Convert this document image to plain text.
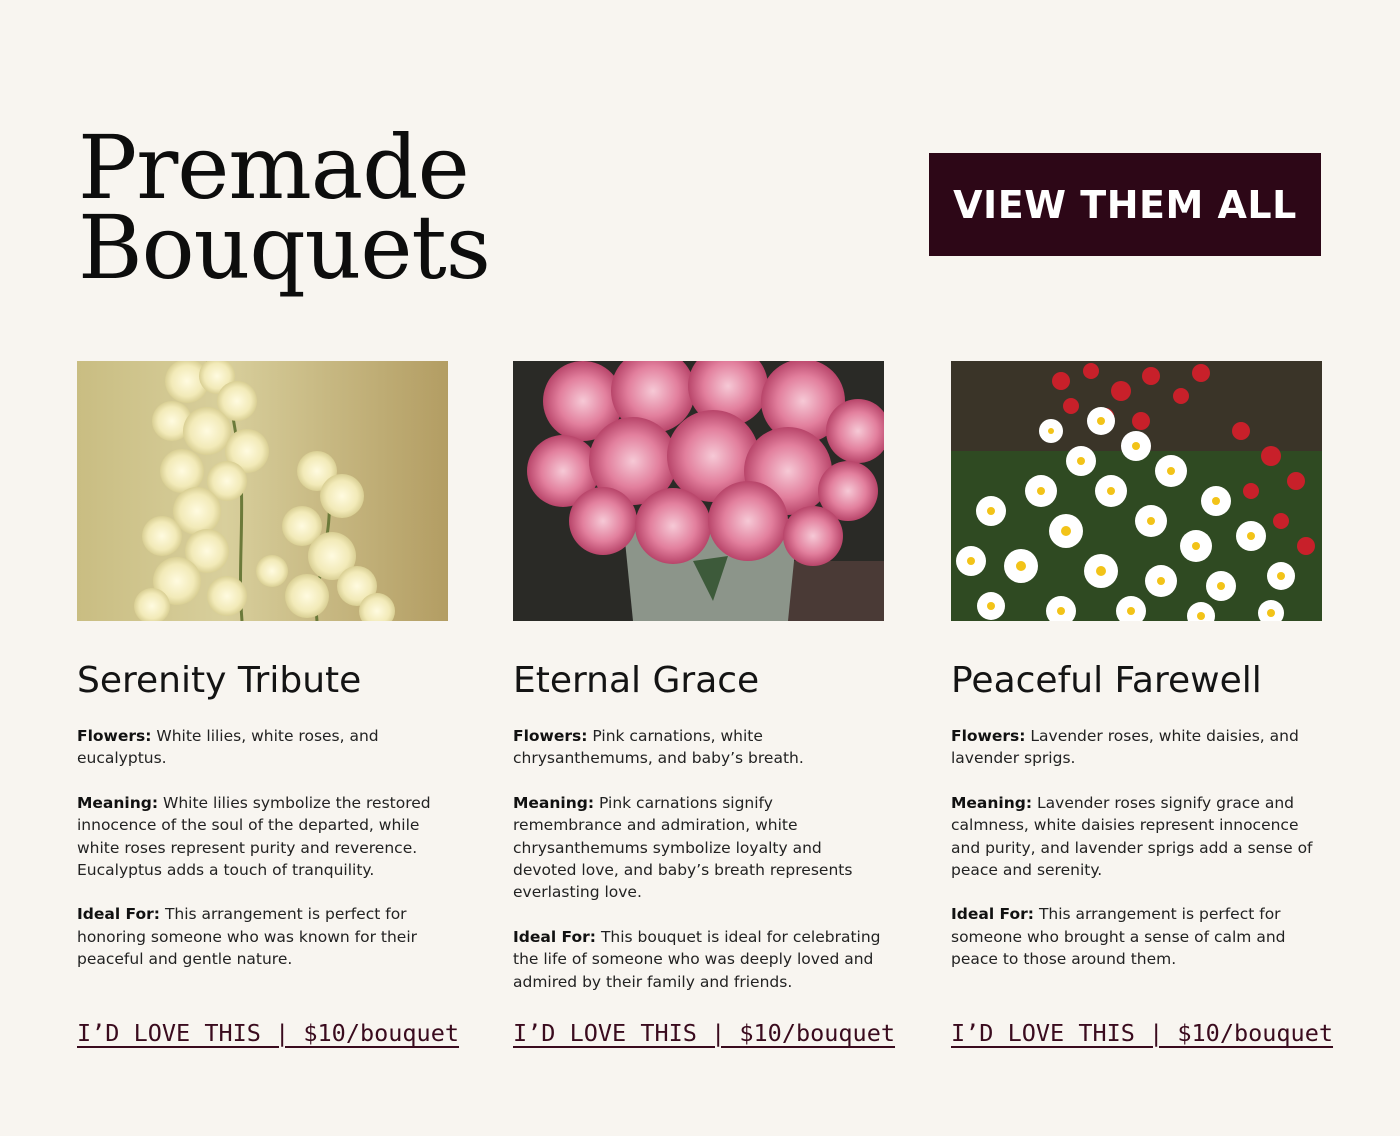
Premade
Bouquets	VIEW THEM ALL
Serenity Tribute

Flowers: White lilies, white roses, and eucalyptus.

Meaning: White lilies symbolize the restored innocence of the soul of the departed, while white roses represent purity and reverence. Eucalyptus adds a touch of tranquility.

Ideal For: This arrangement is perfect for honoring someone who was known for their peaceful and gentle nature.

I’D LOVE THIS | $10/bouquet
Eternal Grace

Flowers: Pink carnations, white chrysanthemums, and baby’s breath.

Meaning: Pink carnations signify remembrance and admiration, white chrysanthemums symbolize loyalty and devoted love, and baby’s breath represents everlasting love.

Ideal For: This bouquet is ideal for celebrating the life of someone who was deeply loved and admired by their family and friends.

I’D LOVE THIS | $10/bouquet
Peaceful Farewell

Flowers: Lavender roses, white daisies, and lavender sprigs.

Meaning: Lavender roses signify grace and calmness, white daisies represent innocence and purity, and lavender sprigs add a sense of peace and serenity.

Ideal For: This arrangement is perfect for someone who brought a sense of calm and peace to those around them.

I’D LOVE THIS | $10/bouquet
